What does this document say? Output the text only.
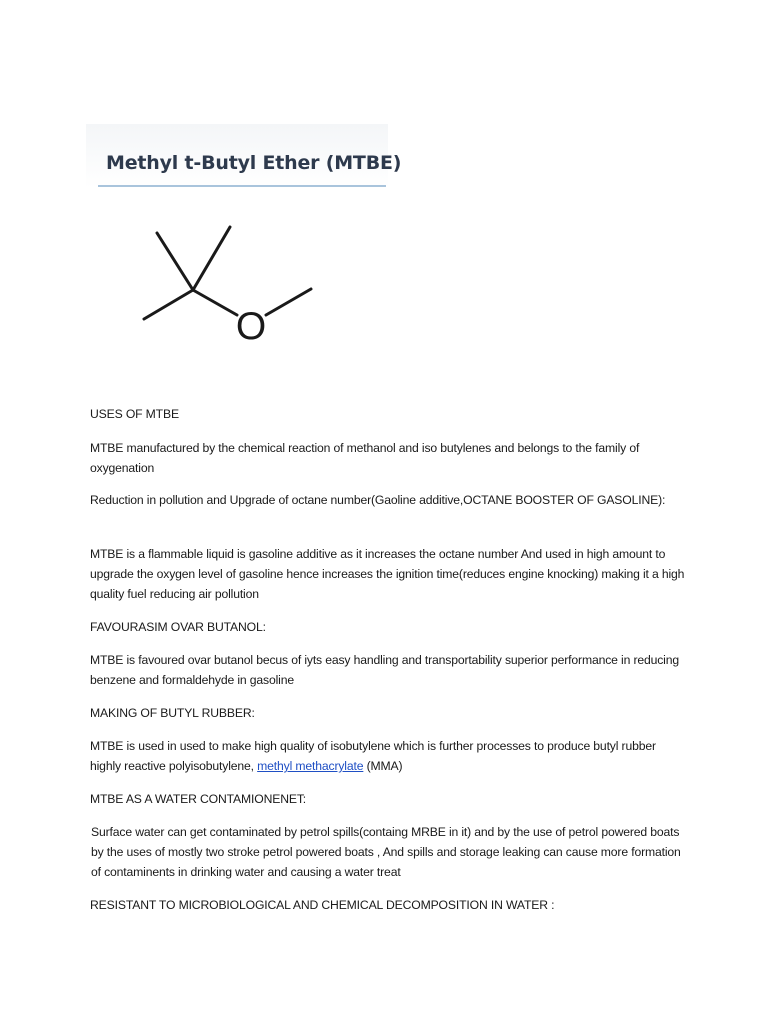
Methyl t-Butyl Ether (MTBE)
O
USES OF MTBE
MTBE manufactured by the chemical reaction of methanol and iso butylenes and belongs to the family of oxygenation
Reduction in pollution and Upgrade of octane number(Gaoline additive,OCTANE BOOSTER OF GASOLINE):
MTBE is a flammable liquid is gasoline additive as it increases the octane number And used in high amount to upgrade the oxygen level of gasoline hence increases the ignition time(reduces engine knocking) making it a high quality fuel reducing air pollution
FAVOURASIM OVAR BUTANOL:
MTBE is favoured ovar butanol becus of iyts easy handling and transportability superior performance in reducing benzene and formaldehyde in gasoline
MAKING OF BUTYL RUBBER:
MTBE is used in used to make high quality of isobutylene which is further processes to produce butyl rubber highly reactive polyisobutylene, methyl methacrylate (MMA)
MTBE AS A WATER CONTAMIONENET:
Surface water can get contaminated by petrol spills(containg MRBE in it) and by the use of petrol powered boats by the uses of mostly two stroke petrol powered boats , And spills and storage leaking can cause more formation of contaminents in drinking water and causing a water treat
RESISTANT TO MICROBIOLOGICAL AND CHEMICAL DECOMPOSITION IN WATER :
